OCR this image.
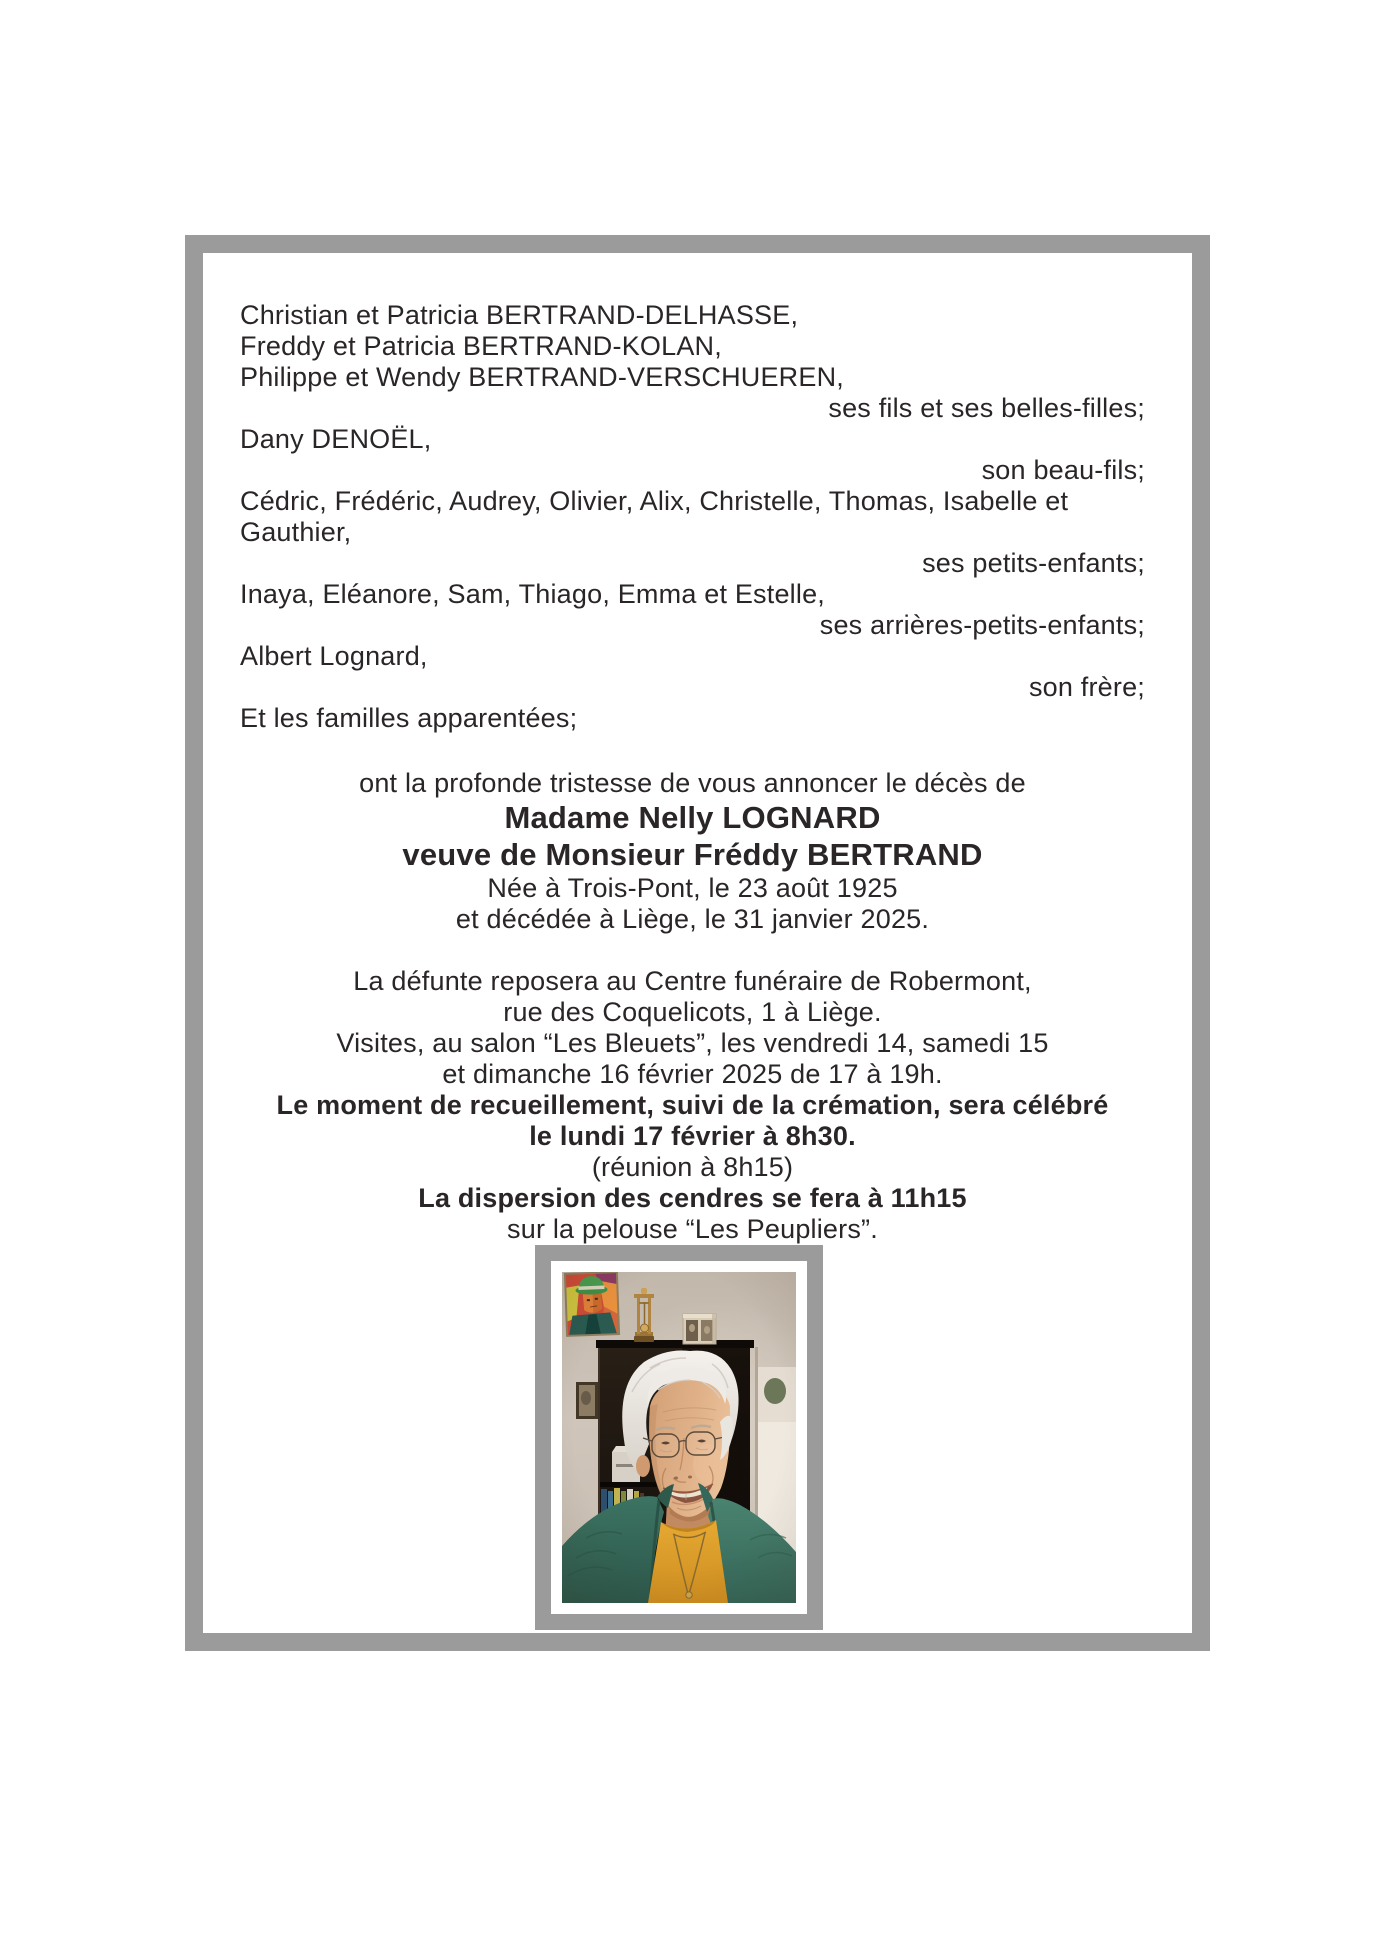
Christian et Patricia BERTRAND-DELHASSE,
Freddy et Patricia BERTRAND-KOLAN,
Philippe et Wendy BERTRAND-VERSCHUEREN,
ses fils et ses belles-filles;
Dany DENOËL,
son beau-fils;
Cédric, Frédéric, Audrey, Olivier, Alix, Christelle, Thomas, Isabelle et
Gauthier,
ses petits-enfants;
Inaya, Eléanore, Sam, Thiago, Emma et Estelle,
ses arrières-petits-enfants;
Albert Lognard,
son frère;
Et les familles apparentées;
ont la profonde tristesse de vous annoncer le décès de
Madame Nelly LOGNARD
veuve de Monsieur Fréddy BERTRAND
Née à Trois-Pont, le 23 août 1925
et décédée à Liège, le 31 janvier 2025.
La défunte reposera au Centre funéraire de Robermont,
rue des Coquelicots, 1 à Liège.
Visites, au salon “Les Bleuets”, les vendredi 14, samedi 15
et dimanche 16 février 2025 de 17 à 19h.
Le moment de recueillement, suivi de la crémation, sera célébré
le lundi 17 février à 8h30.
(réunion à 8h15)
La dispersion des cendres se fera à 11h15
sur la pelouse “Les Peupliers”.
